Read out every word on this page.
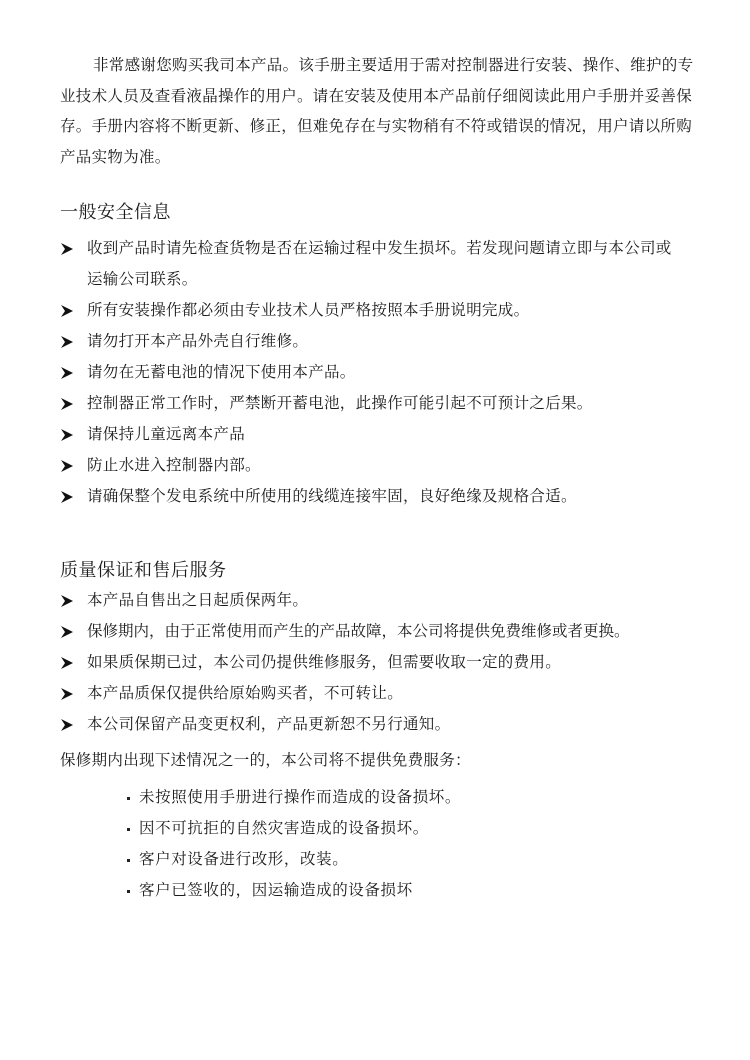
非常感谢您购买我司本产品。该手册主要适用于需对控制器进行安装、操作、维护的专业技术人员及查看液晶操作的用户。请在安装及使用本产品前仔细阅读此用户手册并妥善保存。手册内容将不断更新、修正，但难免存在与实物稍有不符或错误的情况，用户请以所购产品实物为准。

一般安全信息
收到产品时请先检查货物是否在运输过程中发生损坏。若发现问题请立即与本公司或运输公司联系。
所有安装操作都必须由专业技术人员严格按照本手册说明完成。
请勿打开本产品外壳自行维修。
请勿在无蓄电池的情况下使用本产品。
控制器正常工作时，严禁断开蓄电池，此操作可能引起不可预计之后果。
请保持儿童远离本产品
防止水进入控制器内部。
请确保整个发电系统中所使用的线缆连接牢固，良好绝缘及规格合适。
质量保证和售后服务
本产品自售出之日起质保两年。
保修期内，由于正常使用而产生的产品故障，本公司将提供免费维修或者更换。
如果质保期已过，本公司仍提供维修服务，但需要收取一定的费用。
本产品质保仅提供给原始购买者，不可转让。
本公司保留产品变更权利，产品更新恕不另行通知。

保修期内出现下述情况之一的，本公司将不提供免费服务：

未按照使用手册进行操作而造成的设备损坏。
因不可抗拒的自然灾害造成的设备损坏。
客户对设备进行改形，改装。
客户已签收的，因运输造成的设备损坏
